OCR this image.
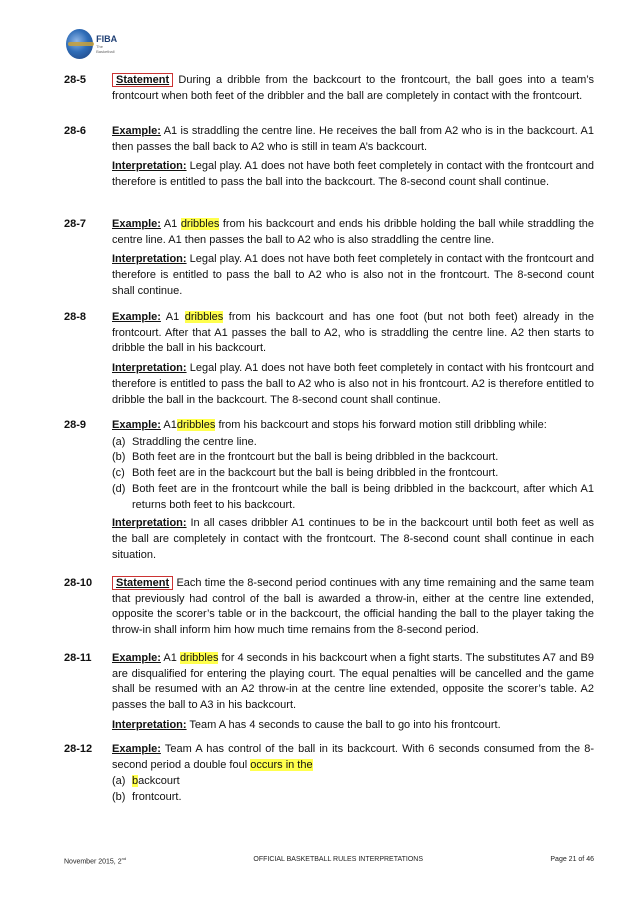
FIBA
The Basketball
28-5	Statement During a dribble from the backcourt to the frontcourt, the ball goes into a team’s frontcourt when both feet of the dribbler and the ball are completely in contact with the frontcourt.

28-6	Example: A1 is straddling the centre line. He receives the ball from A2 who is in the backcourt. A1 then passes the ball back to A2 who is still in team A’s backcourt.

Interpretation: Legal play. A1 does not have both feet completely in contact with the frontcourt and therefore is entitled to pass the ball into the backcourt. The 8-second count shall continue.

28-7	Example: A1 dribbles from his backcourt and ends his dribble holding the ball while straddling the centre line. A1 then passes the ball to A2 who is also straddling the centre line.

Interpretation: Legal play. A1 does not have both feet completely in contact with the frontcourt and therefore is entitled to pass the ball to A2 who is also not in the frontcourt. The 8-second count shall continue.

28-8	Example: A1 dribbles from his backcourt and has one foot (but not both feet) already in the frontcourt. After that A1 passes the ball to A2, who is straddling the centre line. A2 then starts to dribble the ball in his backcourt.

Interpretation: Legal play. A1 does not have both feet completely in contact with his frontcourt and therefore is entitled to pass the ball to A2 who is also not in his frontcourt. A2 is therefore entitled to dribble the ball in the backcourt. The 8-second count shall continue.

28-9	Example: A1dribbles from his backcourt and stops his forward motion still dribbling while:

(a) Straddling the centre line.
(b) Both feet are in the frontcourt but the ball is being dribbled in the backcourt.
(c) Both feet are in the backcourt but the ball is being dribbled in the frontcourt.
(d) Both feet are in the frontcourt while the ball is being dribbled in the backcourt, after which A1 returns both feet to his backcourt.

Interpretation: In all cases dribbler A1 continues to be in the backcourt until both feet as well as the ball are completely in contact with the frontcourt. The 8-second count shall continue in each situation.

28-10	Statement Each time the 8-second period continues with any time remaining and the same team that previously had control of the ball is awarded a throw-in, either at the centre line extended, opposite the scorer’s table or in the backcourt, the official handing the ball to the player taking the throw-in shall inform him how much time remains from the 8-second period.

28-11	Example: A1 dribbles for 4 seconds in his backcourt when a fight starts. The substitutes A7 and B9 are disqualified for entering the playing court. The equal penalties will be cancelled and the game shall be resumed with an A2 throw-in at the centre line extended, opposite the scorer’s table. A2 passes the ball to A3 in his backcourt.

Interpretation: Team A has 4 seconds to cause the ball to go into his frontcourt.

28-12	Example: Team A has control of the ball in its backcourt. With 6 seconds consumed from the 8-second period a double foul occurs in the

(a) backcourt
(b) frontcourt.
November 2015, 2nd	OFFICIAL BASKETBALL RULES INTERPRETATIONS	Page 21 of 46
